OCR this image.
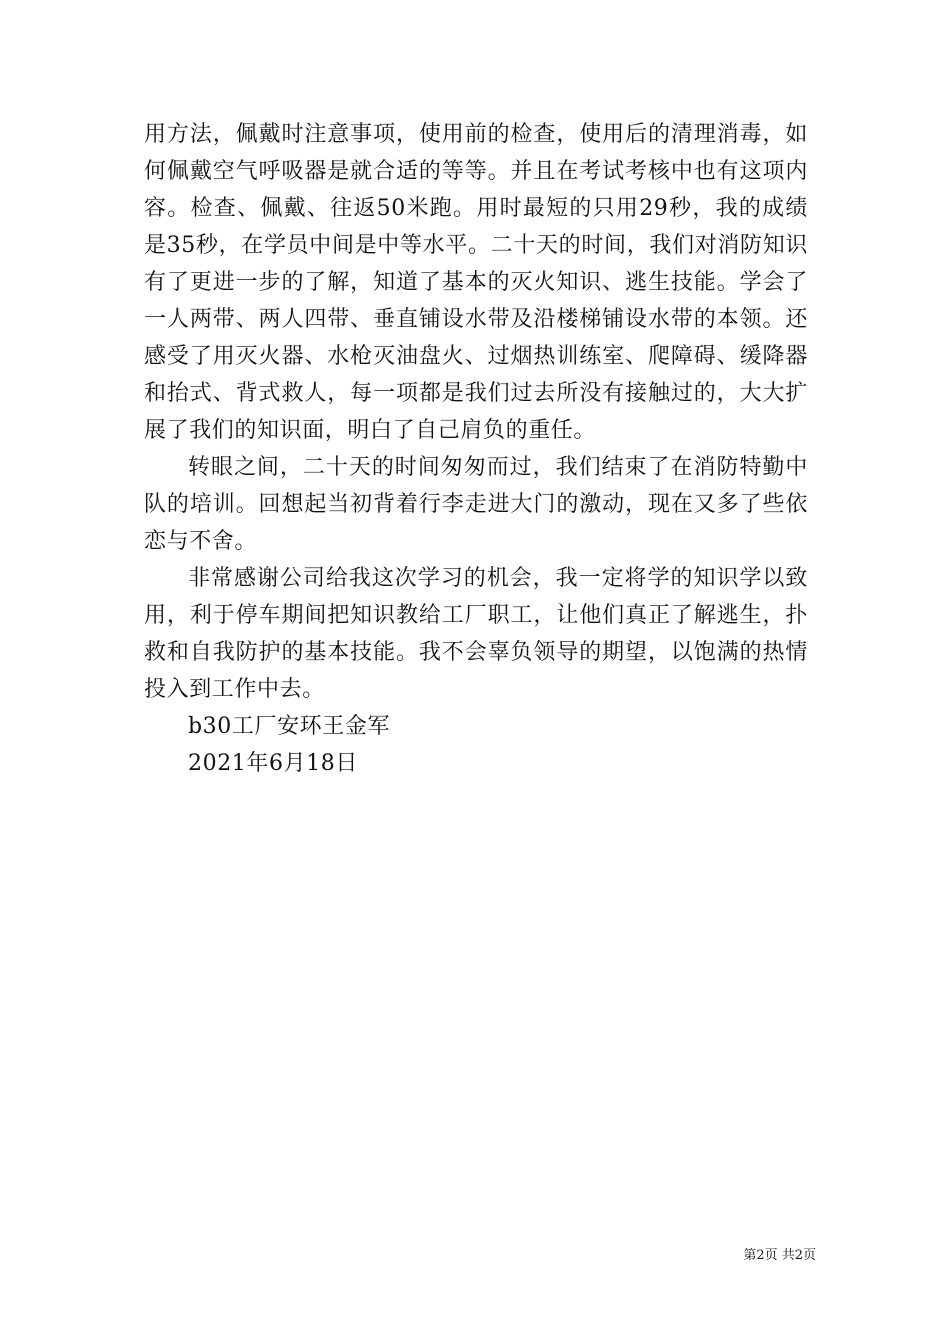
用方法，佩戴时注意事项，使用前的检查，使用后的清理消毒，如何佩戴空气呼吸器是就合适的等等。并且在考试考核中也有这项内容。检查、佩戴、往返50米跑。用时最短的只用29秒，我的成绩是35秒，在学员中间是中等水平。二十天的时间，我们对消防知识有了更进一步的了解，知道了基本的灭火知识、逃生技能。学会了一人两带、两人四带、垂直铺设水带及沿楼梯铺设水带的本领。还感受了用灭火器、水枪灭油盘火、过烟热训练室、爬障碍、缓降器和抬式、背式救人，每一项都是我们过去所没有接触过的，大大扩展了我们的知识面，明白了自己肩负的重任。

转眼之间，二十天的时间匆匆而过，我们结束了在消防特勤中队的培训。回想起当初背着行李走进大门的激动，现在又多了些依恋与不舍。

非常感谢公司给我这次学习的机会，我一定将学的知识学以致用，利于停车期间把知识教给工厂职工，让他们真正了解逃生，扑救和自我防护的基本技能。我不会辜负领导的期望，以饱满的热情投入到工作中去。

b30工厂安环王金军

2021年6月18日

第2页 共2页
